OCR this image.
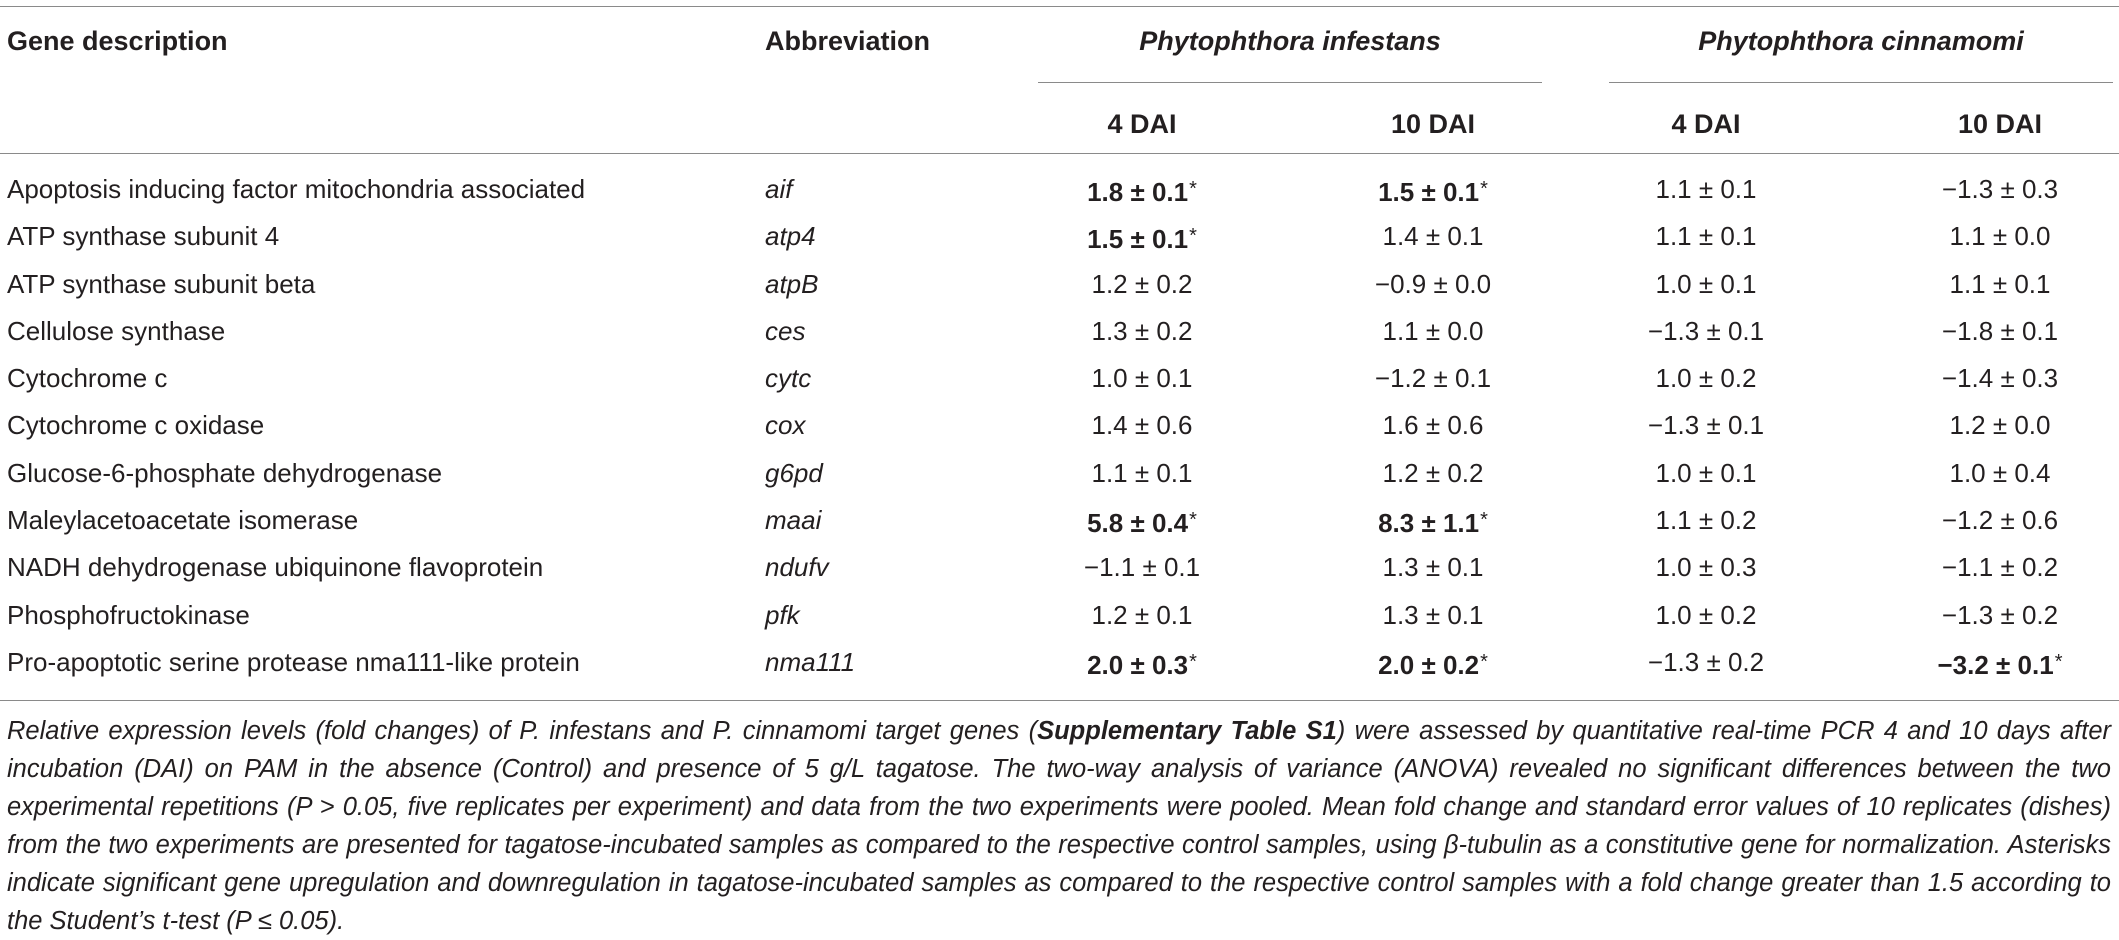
Gene description	Abbreviation	Phytophthora infestans	Phytophthora cinnamomi
4 DAI	10 DAI	4 DAI	10 DAI
Apoptosis inducing factor mitochondria associated	aif	1.8 ± 0.1*	1.5 ± 0.1*	1.1 ± 0.1	−1.3 ± 0.3
ATP synthase subunit 4	atp4	1.5 ± 0.1*	1.4 ± 0.1	1.1 ± 0.1	1.1 ± 0.0
ATP synthase subunit beta	atpB	1.2 ± 0.2	−0.9 ± 0.0	1.0 ± 0.1	1.1 ± 0.1
Cellulose synthase	ces	1.3 ± 0.2	1.1 ± 0.0	−1.3 ± 0.1	−1.8 ± 0.1
Cytochrome c	cytc	1.0 ± 0.1	−1.2 ± 0.1	1.0 ± 0.2	−1.4 ± 0.3
Cytochrome c oxidase	cox	1.4 ± 0.6	1.6 ± 0.6	−1.3 ± 0.1	1.2 ± 0.0
Glucose-6-phosphate dehydrogenase	g6pd	1.1 ± 0.1	1.2 ± 0.2	1.0 ± 0.1	1.0 ± 0.4
Maleylacetoacetate isomerase	maai	5.8 ± 0.4*	8.3 ± 1.1*	1.1 ± 0.2	−1.2 ± 0.6
NADH dehydrogenase ubiquinone flavoprotein	ndufv	−1.1 ± 0.1	1.3 ± 0.1	1.0 ± 0.3	−1.1 ± 0.2
Phosphofructokinase	pfk	1.2 ± 0.1	1.3 ± 0.1	1.0 ± 0.2	−1.3 ± 0.2
Pro-apoptotic serine protease nma111-like protein	nma111	2.0 ± 0.3*	2.0 ± 0.2*	−1.3 ± 0.2	−3.2 ± 0.1*
Relative expression levels (fold changes) of P. infestans and P. cinnamomi target genes (Supplementary Table S1) were assessed by quantitative real-time PCR 4 and 10 days after incubation (DAI) on PAM in the absence (Control) and presence of 5 g/L tagatose. The two-way analysis of variance (ANOVA) revealed no significant differences between the two experimental repetitions (P > 0.05, five replicates per experiment) and data from the two experiments were pooled. Mean fold change and standard error values of 10 replicates (dishes) from the two experiments are presented for tagatose-incubated samples as compared to the respective control samples, using β-tubulin as a constitutive gene for normalization. Asterisks indicate significant gene upregulation and downregulation in tagatose-incubated samples as compared to the respective control samples with a fold change greater than 1.5 according to the Student’s t-test (P ≤ 0.05).
